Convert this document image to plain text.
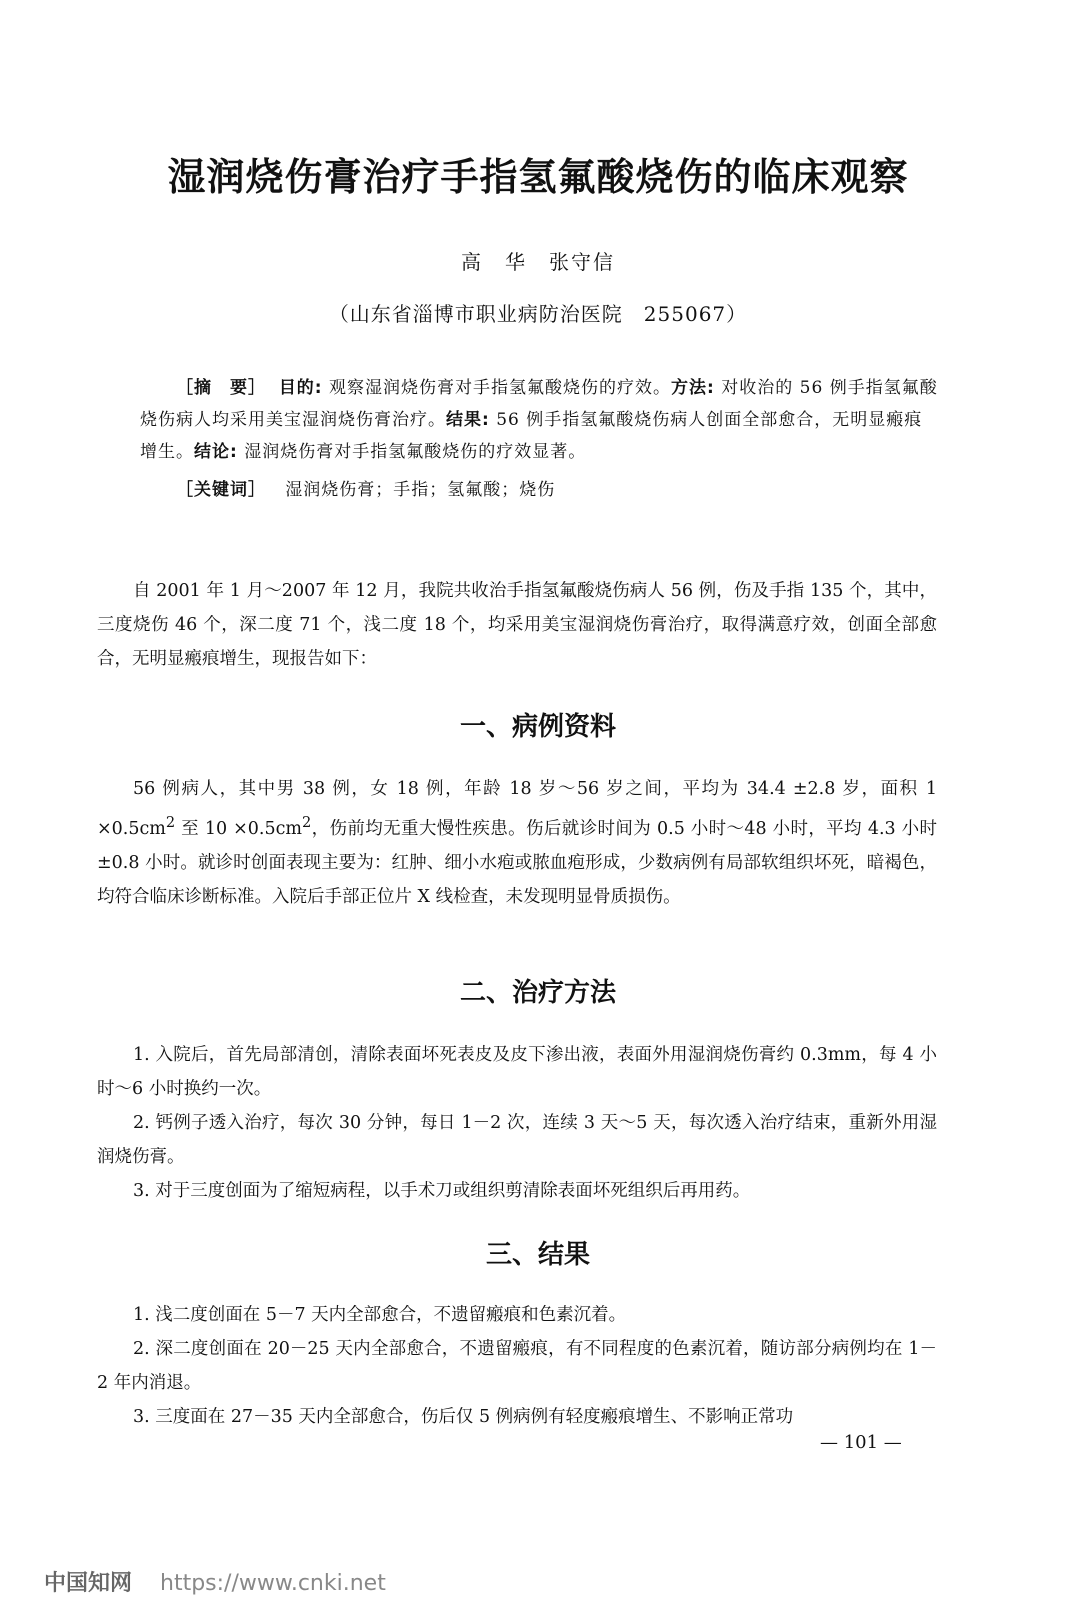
湿润烧伤膏治疗手指氢氟酸烧伤的临床观察
高　华　张守信
（山东省淄博市职业病防治医院　255067）

［摘　要］ 目的: 观察湿润烧伤膏对手指氢氟酸烧伤的疗效。方法: 对收治的 56 例手指氢氟酸烧伤病人均采用美宝湿润烧伤膏治疗。结果: 56 例手指氢氟酸烧伤病人创面全部愈合，无明显瘢痕增生。结论: 湿润烧伤膏对手指氢氟酸烧伤的疗效显著。

［关键词］ 湿润烧伤膏；手指；氢氟酸；烧伤

自 2001 年 1 月～2007 年 12 月，我院共收治手指氢氟酸烧伤病人 56 例，伤及手指 135 个，其中，三度烧伤 46 个，深二度 71 个，浅二度 18 个，均采用美宝湿润烧伤膏治疗，取得满意疗效，创面全部愈合，无明显瘢痕增生，现报告如下：

一、病例资料

56 例病人，其中男 38 例，女 18 例，年龄 18 岁～56 岁之间，平均为 34.4 ±2.8 岁，面积 $1 \times 0.5cm^2$ 至 $10 \times 0.5cm^2$，伤前均无重大慢性疾患。伤后就诊时间为 0.5 小时～48 小时，平均 4.3 小时 ±0.8 小时。就诊时创面表现主要为：红肿、细小水疱或脓血疱形成，少数病例有局部软组织坏死，暗褐色，均符合临床诊断标准。入院后手部正位片 X 线检查，未发现明显骨质损伤。

二、治疗方法

1. 入院后，首先局部清创，清除表面坏死表皮及皮下渗出液，表面外用湿润烧伤膏约 0.3mm，每 4 小时～6 小时换约一次。

2. 钙例子透入治疗，每次 30 分钟，每日 1－2 次，连续 3 天～5 天，每次透入治疗结束，重新外用湿润烧伤膏。

3. 对于三度创面为了缩短病程，以手术刀或组织剪清除表面坏死组织后再用药。

三、结果

1. 浅二度创面在 5－7 天内全部愈合，不遗留瘢痕和色素沉着。

2. 深二度创面在 20－25 天内全部愈合，不遗留瘢痕，有不同程度的色素沉着，随访部分病例均在 1－2 年内消退。

3. 三度面在 27－35 天内全部愈合，伤后仅 5 例病例有轻度瘢痕增生、不影响正常功

— 101 —
中国知网 https://www.cnki.net
